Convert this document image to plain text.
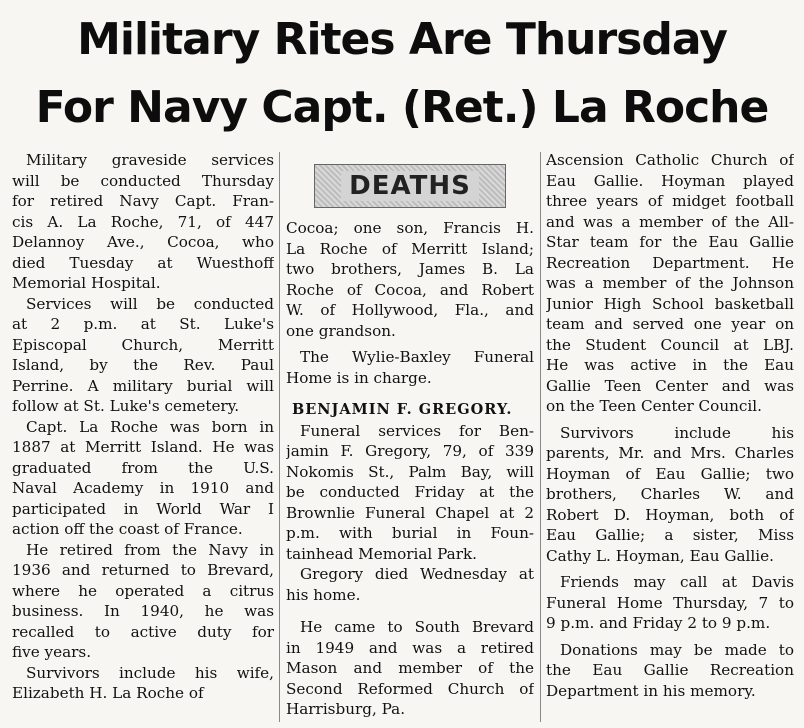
Military Rites Are Thursday
For Navy Capt. (Ret.) La Roche
Military graveside services
will be conducted Thursday
for retired Navy Capt. Fran-
cis A. La Roche, 71, of 447
Delannoy Ave., Cocoa, who
died Tuesday at Wuesthoff
Memorial Hospital.
Services will be conducted
at 2 p.m. at St. Luke's
Episcopal Church, Merritt
Island, by the Rev. Paul
Perrine. A military burial will
follow at St. Luke's cemetery.
Capt. La Roche was born in
1887 at Merritt Island. He was
graduated from the U.S.
Naval Academy in 1910 and
participated in World War I
action off the coast of France.
He retired from the Navy in
1936 and returned to Brevard,
where he operated a citrus
business. In 1940, he was
recalled to active duty for
five years.
Survivors include his wife,
Elizabeth H. La Roche of
DEATHS
Cocoa; one son, Francis H.
La Roche of Merritt Island;
two brothers, James B. La
Roche of Cocoa, and Robert
W. of Hollywood, Fla., and
one grandson.
The Wylie-Baxley Funeral
Home is in charge.
BENJAMIN F. GREGORY.
Funeral services for Ben-
jamin F. Gregory, 79, of 339
Nokomis St., Palm Bay, will
be conducted Friday at the
Brownlie Funeral Chapel at 2
p.m. with burial in Foun-
tainhead Memorial Park.
Gregory died Wednesday at
his home.
He came to South Brevard
in 1949 and was a retired
Mason and member of the
Second Reformed Church of
Harrisburg, Pa.
Ascension Catholic Church of
Eau Gallie. Hoyman played
three years of midget football
and was a member of the All-
Star team for the Eau Gallie
Recreation Department. He
was a member of the Johnson
Junior High School basketball
team and served one year on
the Student Council at LBJ.
He was active in the Eau
Gallie Teen Center and was
on the Teen Center Council.
Survivors include his
parents, Mr. and Mrs. Charles
Hoyman of Eau Gallie; two
brothers, Charles W. and
Robert D. Hoyman, both of
Eau Gallie; a sister, Miss
Cathy L. Hoyman, Eau Gallie.
Friends may call at Davis
Funeral Home Thursday, 7 to
9 p.m. and Friday 2 to 9 p.m.
Donations may be made to
the Eau Gallie Recreation
Department in his memory.
